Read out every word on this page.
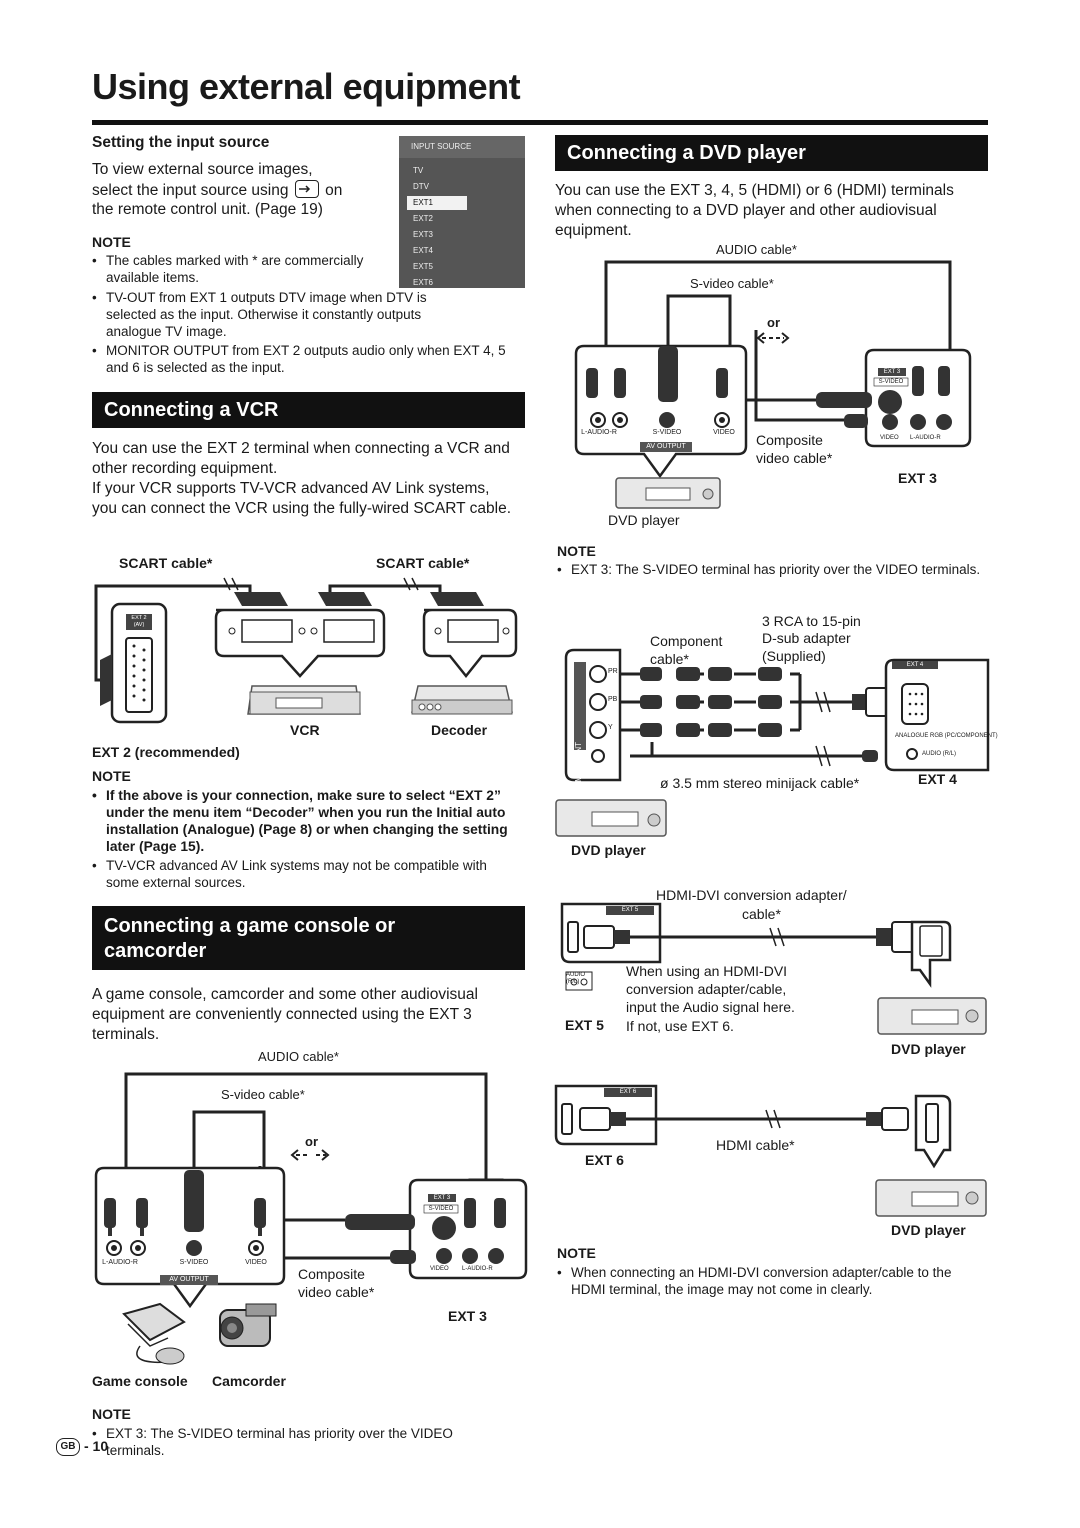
Using external equipment
Setting the input source
To view external source images,
select the input source using on
the remote control unit. (Page 19)
INPUT SOURCE
TV
DTV
EXT1
EXT2
EXT3
EXT4
EXT5
EXT6
NOTE
• The cables marked with * are commercially available items.
• TV-OUT from EXT 1 outputs DTV image when DTV is selected as the input. Otherwise it constantly outputs analogue TV image.
• MONITOR OUTPUT from EXT 2 outputs audio only when EXT 4, 5 and 6 is selected as the input.
Connecting a VCR
You can use the EXT 2 terminal when connecting a VCR and other recording equipment.
If your VCR supports TV-VCR advanced AV Link systems, you can connect the VCR using the fully-wired SCART cable.
SCART cable*	SCART cable*
EXT 2
(AV)
VCR	Decoder
EXT 2 (recommended)
NOTE
• If the above is your connection, make sure to select “EXT 2” under the menu item “Decoder” when you run the Initial auto installation (Analogue) (Page 8) or when changing the setting later (Page 15).
• TV-VCR advanced AV Link systems may not be compatible with some external sources.
Connecting a game console or
camcorder
A game console, camcorder and some other audiovisual equipment are conveniently connected using the EXT 3 terminals.
AUDIO cable*
S-video cable*
or
L-AUDIO-R	S-VIDEO	VIDEO
AV OUTPUT
EXT 3
S-VIDEO
VIDEO L-AUDIO-R
Composite
video cable*
EXT 3
Game console Camcorder
NOTE
• EXT 3: The S-VIDEO terminal has priority over the VIDEO terminals.
GB - 10
Connecting a DVD player
You can use the EXT 3, 4, 5 (HDMI) or 6 (HDMI) terminals when connecting to a DVD player and other audiovisual equipment.
AUDIO cable*
S-video cable*
or
L-AUDIO-R	S-VIDEO	VIDEO
AV OUTPUT
EXT 3
S-VIDEO
VIDEO L-AUDIO-R
Composite
video cable*
EXT 3
DVD player
NOTE
• EXT 3: The S-VIDEO terminal has priority over the VIDEO terminals.
Component
cable*
3 RCA to 15-pin
D-sub adapter
(Supplied)
COMPONENT
PR
PB
Y
EXT 4
ANALOGUE RGB (PC/COMPONENT)
AUDIO (R/L)
ø 3.5 mm stereo minijack cable*	EXT 4
DVD player
HDMI-DVI conversion adapter/
cable*
EXT 5
AUDIO
(R/L)
When using an HDMI-DVI
conversion adapter/cable,
input the Audio signal here.
EXT 5 If not, use EXT 6.
DVD player
EXT 6
HDMI cable*
EXT 6
DVD player
NOTE
• When connecting an HDMI-DVI conversion adapter/cable to the HDMI terminal, the image may not come in clearly.
